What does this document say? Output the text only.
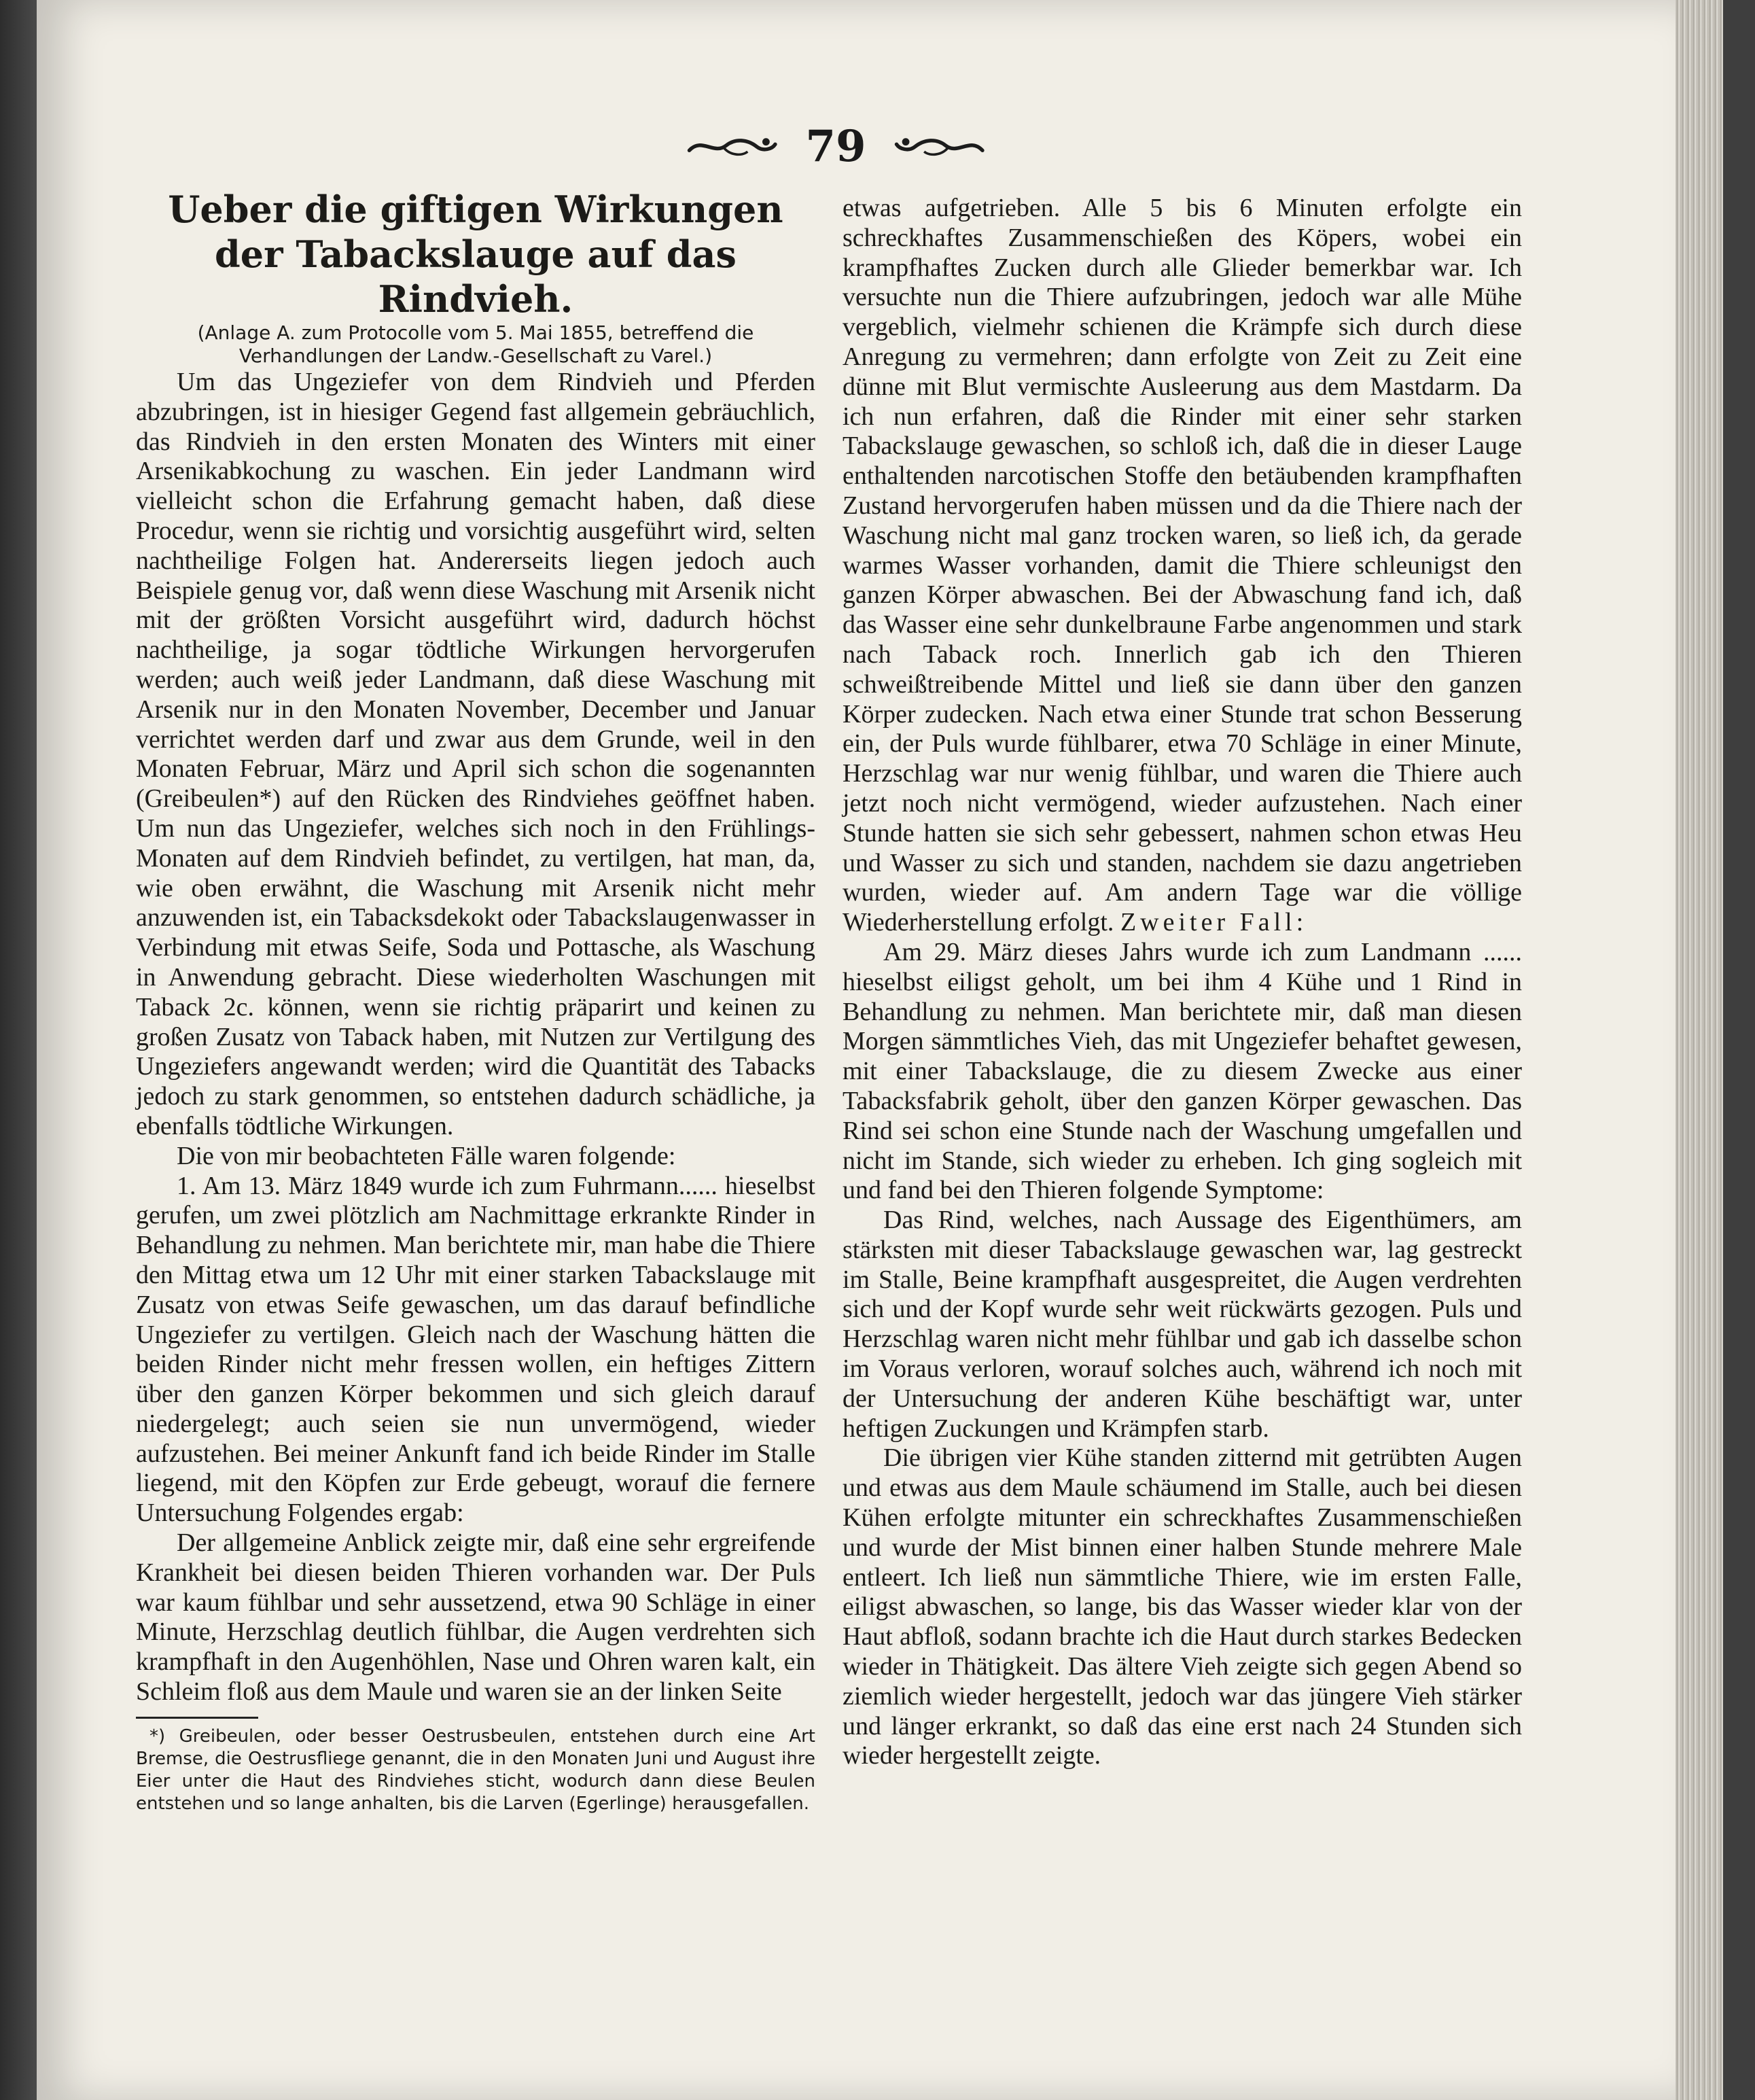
79

Ueber die giftigen Wirkungen

der Tabackslauge auf das Rindvieh.

(Anlage A. zum Protocolle vom 5. Mai 1855, betreffend die Verhandlungen der Landw.-Gesellschaft zu Varel.)

Um das Ungeziefer von dem Rindvieh und Pferden abzubringen, ist in hiesiger Gegend fast allgemein gebräuchlich, das Rindvieh in den ersten Monaten des Winters mit einer Arsenikabkochung zu waschen. Ein jeder Landmann wird vielleicht schon die Erfahrung gemacht haben, daß diese Procedur, wenn sie richtig und vorsichtig ausgeführt wird, selten nachtheilige Folgen hat. Andererseits liegen jedoch auch Beispiele genug vor, daß wenn diese Waschung mit Arsenik nicht mit der größten Vorsicht ausgeführt wird, dadurch höchst nachtheilige, ja sogar tödtliche Wirkungen hervorgerufen werden; auch weiß jeder Landmann, daß diese Waschung mit Arsenik nur in den Monaten November, December und Januar verrichtet werden darf und zwar aus dem Grunde, weil in den Monaten Februar, März und April sich schon die sogenannten (Greibeulen*) auf den Rücken des Rindviehes geöffnet haben. Um nun das Ungeziefer, welches sich noch in den Frühlings-Monaten auf dem Rindvieh befindet, zu vertilgen, hat man, da, wie oben erwähnt, die Waschung mit Arsenik nicht mehr anzuwenden ist, ein Tabacksdekokt oder Tabackslaugenwasser in Verbindung mit etwas Seife, Soda und Pottasche, als Waschung in Anwendung gebracht. Diese wiederholten Waschungen mit Taback 2c. können, wenn sie richtig präparirt und keinen zu großen Zusatz von Taback haben, mit Nutzen zur Vertilgung des Ungeziefers angewandt werden; wird die Quantität des Tabacks jedoch zu stark genommen, so entstehen dadurch schädliche, ja ebenfalls tödtliche Wirkungen.

Die von mir beobachteten Fälle waren folgende:

1. Am 13. März 1849 wurde ich zum Fuhrmann...... hieselbst gerufen, um zwei plötzlich am Nachmittage erkrankte Rinder in Behandlung zu nehmen. Man berichtete mir, man habe die Thiere den Mittag etwa um 12 Uhr mit einer starken Tabackslauge mit Zusatz von etwas Seife gewaschen, um das darauf befindliche Ungeziefer zu vertilgen. Gleich nach der Waschung hätten die beiden Rinder nicht mehr fressen wollen, ein heftiges Zittern über den ganzen Körper bekommen und sich gleich darauf niedergelegt; auch seien sie nun unvermögend, wieder aufzustehen. Bei meiner Ankunft fand ich beide Rinder im Stalle liegend, mit den Köpfen zur Erde gebeugt, worauf die fernere Untersuchung Folgendes ergab:

Der allgemeine Anblick zeigte mir, daß eine sehr ergreifende Krankheit bei diesen beiden Thieren vorhanden war. Der Puls war kaum fühlbar und sehr aussetzend, etwa 90 Schläge in einer Minute, Herzschlag deutlich fühlbar, die Augen verdrehten sich krampfhaft in den Augenhöhlen, Nase und Ohren waren kalt, ein Schleim floß aus dem Maule und waren sie an der linken Seite

*) Greibeulen, oder besser Oestrusbeulen, entstehen durch eine Art Bremse, die Oestrusfliege genannt, die in den Monaten Juni und August ihre Eier unter die Haut des Rindviehes sticht, wodurch dann diese Beulen entstehen und so lange anhalten, bis die Larven (Egerlinge) herausgefallen.

etwas aufgetrieben. Alle 5 bis 6 Minuten erfolgte ein schreckhaftes Zusammenschießen des Köpers, wobei ein krampfhaftes Zucken durch alle Glieder bemerkbar war. Ich versuchte nun die Thiere aufzubringen, jedoch war alle Mühe vergeblich, vielmehr schienen die Krämpfe sich durch diese Anregung zu vermehren; dann erfolgte von Zeit zu Zeit eine dünne mit Blut vermischte Ausleerung aus dem Mastdarm. Da ich nun erfahren, daß die Rinder mit einer sehr starken Tabackslauge gewaschen, so schloß ich, daß die in dieser Lauge enthaltenden narcotischen Stoffe den betäubenden krampfhaften Zustand hervorgerufen haben müssen und da die Thiere nach der Waschung nicht mal ganz trocken waren, so ließ ich, da gerade warmes Wasser vorhanden, damit die Thiere schleunigst den ganzen Körper abwaschen. Bei der Abwaschung fand ich, daß das Wasser eine sehr dunkelbraune Farbe angenommen und stark nach Taback roch. Innerlich gab ich den Thieren schweißtreibende Mittel und ließ sie dann über den ganzen Körper zudecken. Nach etwa einer Stunde trat schon Besserung ein, der Puls wurde fühlbarer, etwa 70 Schläge in einer Minute, Herzschlag war nur wenig fühlbar, und waren die Thiere auch jetzt noch nicht vermögend, wieder aufzustehen. Nach einer Stunde hatten sie sich sehr gebessert, nahmen schon etwas Heu und Wasser zu sich und standen, nachdem sie dazu angetrieben wurden, wieder auf. Am andern Tage war die völlige Wiederherstellung erfolgt. Zweiter Fall:

Am 29. März dieses Jahrs wurde ich zum Landmann ...... hieselbst eiligst geholt, um bei ihm 4 Kühe und 1 Rind in Behandlung zu nehmen. Man berichtete mir, daß man diesen Morgen sämmtliches Vieh, das mit Ungeziefer behaftet gewesen, mit einer Tabackslauge, die zu diesem Zwecke aus einer Tabacksfabrik geholt, über den ganzen Körper gewaschen. Das Rind sei schon eine Stunde nach der Waschung umgefallen und nicht im Stande, sich wieder zu erheben. Ich ging sogleich mit und fand bei den Thieren folgende Symptome:

Das Rind, welches, nach Aussage des Eigenthümers, am stärksten mit dieser Tabackslauge gewaschen war, lag gestreckt im Stalle, Beine krampfhaft ausgespreitet, die Augen verdrehten sich und der Kopf wurde sehr weit rückwärts gezogen. Puls und Herzschlag waren nicht mehr fühlbar und gab ich dasselbe schon im Voraus verloren, worauf solches auch, während ich noch mit der Untersuchung der anderen Kühe beschäftigt war, unter heftigen Zuckungen und Krämpfen starb.

Die übrigen vier Kühe standen zitternd mit getrübten Augen und etwas aus dem Maule schäumend im Stalle, auch bei diesen Kühen erfolgte mitunter ein schreckhaftes Zusammenschießen und wurde der Mist binnen einer halben Stunde mehrere Male entleert. Ich ließ nun sämmtliche Thiere, wie im ersten Falle, eiligst abwaschen, so lange, bis das Wasser wieder klar von der Haut abfloß, sodann brachte ich die Haut durch starkes Bedecken wieder in Thätigkeit. Das ältere Vieh zeigte sich gegen Abend so ziemlich wieder hergestellt, jedoch war das jüngere Vieh stärker und länger erkrankt, so daß das eine erst nach 24 Stunden sich wieder hergestellt zeigte.
